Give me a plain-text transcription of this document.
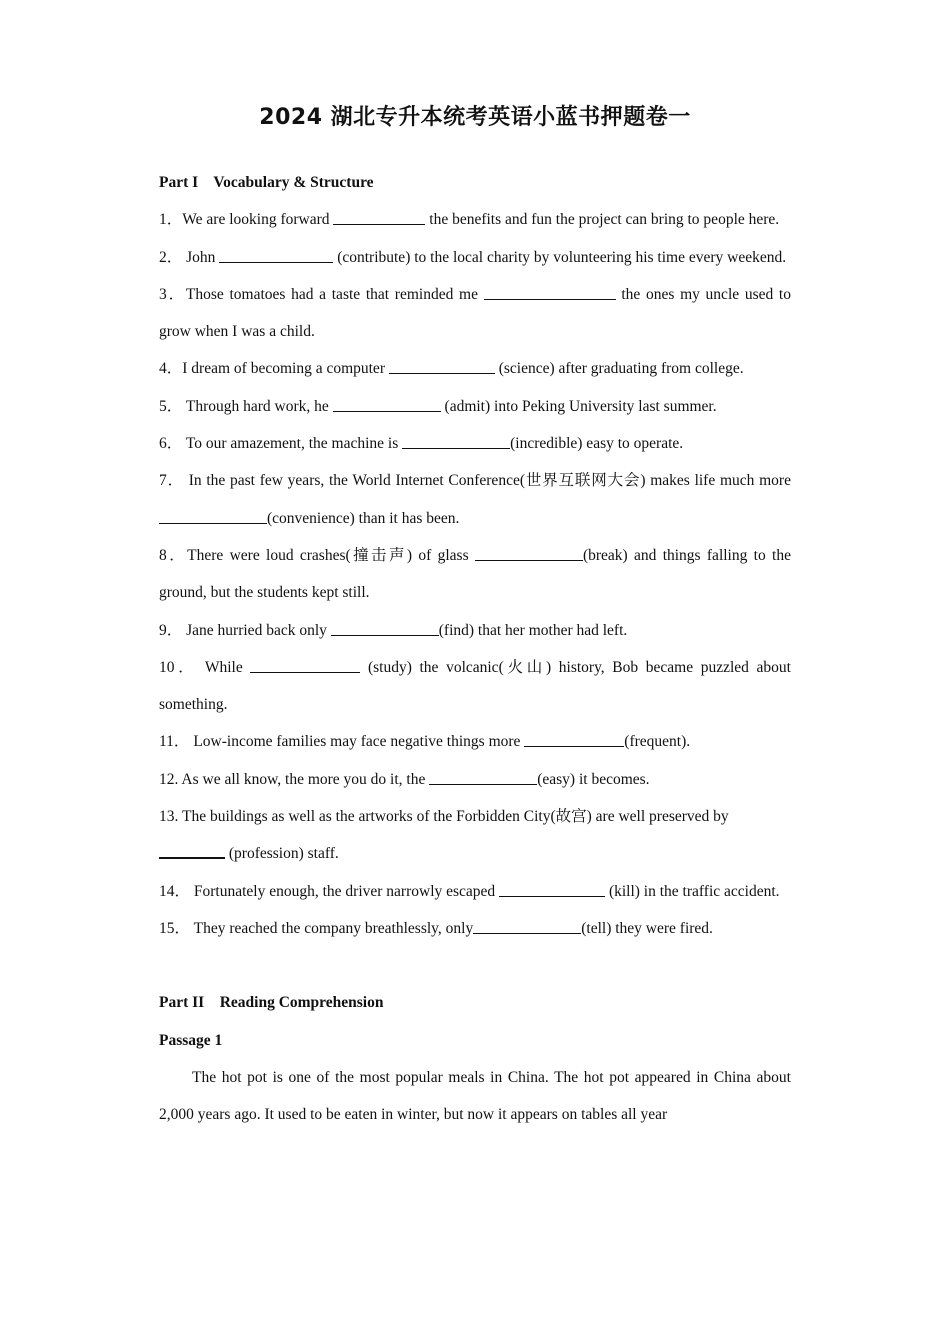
2024 湖北专升本统考英语小蓝书押题卷一
Part I    Vocabulary & Structure
1．We are looking forward	the benefits and fun the project can bring to people here.
2． John	(contribute) to the local charity by volunteering his time every weekend.
3．Those tomatoes had a taste that reminded me	the ones my uncle used to grow when I was a child.
4．I dream of becoming a computer	(science) after graduating from college.
5． Through hard work, he	(admit) into Peking University last summer.
6． To our amazement, the machine is	(incredible) easy to operate.
7． In the past few years, the World Internet Conference(世界互联网大会) makes life much more (convenience) than it has been.
8．There were loud crashes(撞击声) of glass	(break) and things falling to the ground, but the students kept still.
9． Jane hurried back only	(find) that her mother had left.
10． While	(study) the volcanic(火山) history, Bob became puzzled about something.
11． Low-income families may face negative things more	(frequent).
12. As we all know, the more you do it, the	(easy) it becomes.
13. The buildings as well as the artworks of the Forbidden City(故宫) are well preserved by  (profession) staff.
14． Fortunately enough, the driver narrowly escaped	(kill) in the traffic accident.
15． They reached the company breathlessly, only	(tell) they were fired.
Part II    Reading Comprehension
Passage 1
The hot pot is one of the most popular meals in China. The hot pot appeared in China about 2,000 years ago. It used to be eaten in winter, but now it appears on tables all year
